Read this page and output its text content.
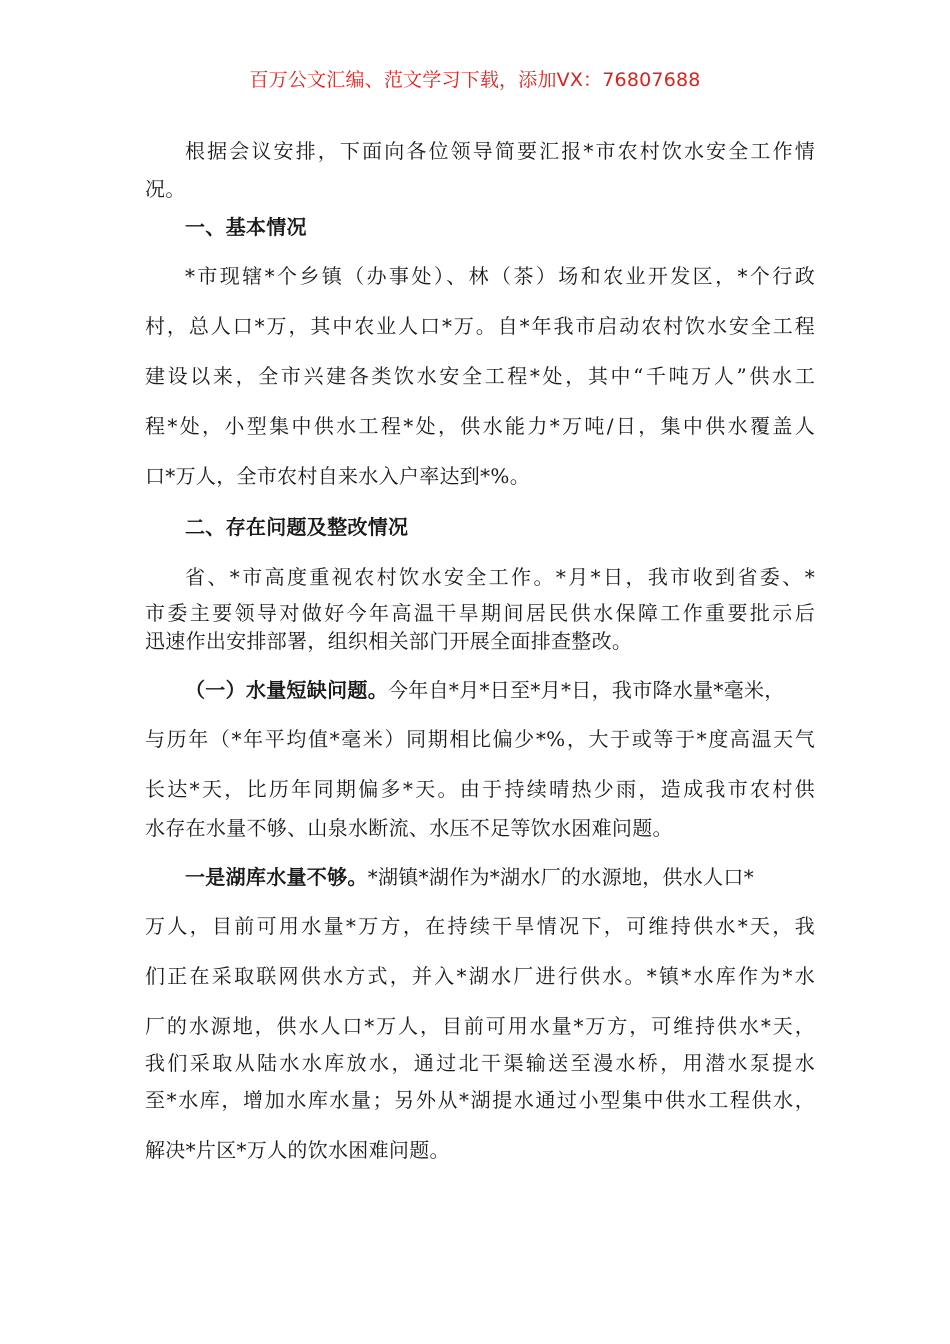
百万公文汇编、范文学习下载，添加VX：76807688
根据会议安排，下面向各位领导简要汇报*市农村饮水安全工作情
况。
一、基本情况
*市现辖*个乡镇（办事处）、林（茶）场和农业开发区，*个行政
村，总人口*万，其中农业人口*万。自*年我市启动农村饮水安全工程
建设以来，全市兴建各类饮水安全工程*处，其中“千吨万人”供水工
程*处，小型集中供水工程*处，供水能力*万吨/日，集中供水覆盖人
口*万人，全市农村自来水入户率达到*%。
二、存在问题及整改情况
省、*市高度重视农村饮水安全工作。*月*日，我市收到省委、*
市委主要领导对做好今年高温干旱期间居民供水保障工作重要批示后
迅速作出安排部署，组织相关部门开展全面排查整改。
（一）水量短缺问题。今年自*月*日至*月*日，我市降水量*毫米，
与历年（*年平均值*毫米）同期相比偏少*%，大于或等于*度高温天气
长达*天，比历年同期偏多*天。由于持续晴热少雨，造成我市农村供
水存在水量不够、山泉水断流、水压不足等饮水困难问题。
一是湖库水量不够。*湖镇*湖作为*湖水厂的水源地，供水人口*
万人，目前可用水量*万方，在持续干旱情况下，可维持供水*天，我
们正在采取联网供水方式，并入*湖水厂进行供水。*镇*水库作为*水
厂的水源地，供水人口*万人，目前可用水量*万方，可维持供水*天，
我们采取从陆水水库放水，通过北干渠输送至漫水桥，用潜水泵提水
至*水库，增加水库水量；另外从*湖提水通过小型集中供水工程供水，
解决*片区*万人的饮水困难问题。
